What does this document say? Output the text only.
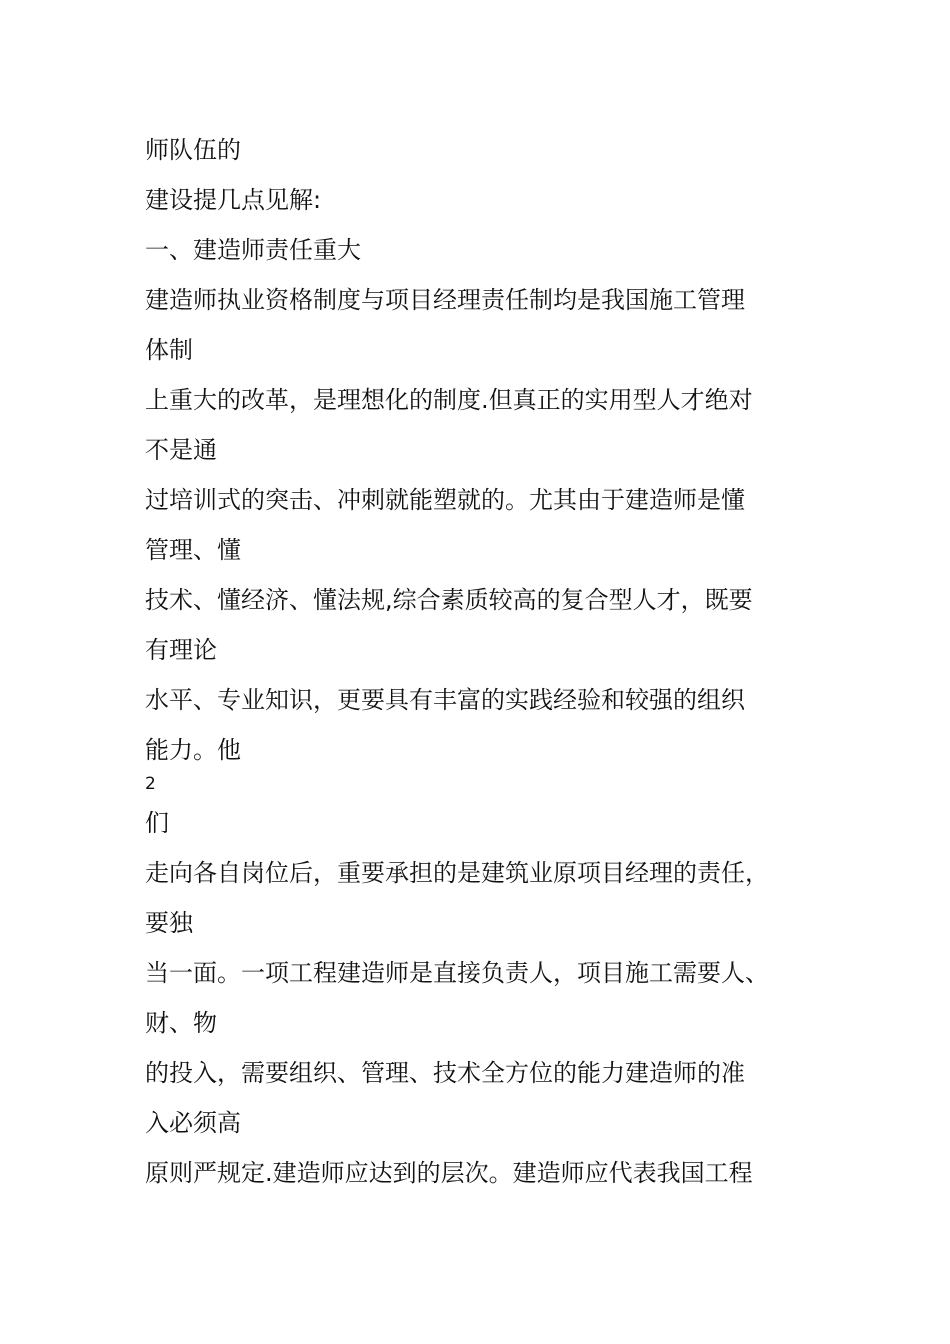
师队伍的
建设提几点见解:
一、建造师责任重大
建造师执业资格制度与项目经理责任制均是我国施工管理
体制
上重大的改革，是理想化的制度.但真正的实用型人才绝对
不是通
过培训式的突击、冲刺就能塑就的。尤其由于建造师是懂
管理、懂
技术、懂经济、懂法规,综合素质较高的复合型人才，既要
有理论
水平、专业知识，更要具有丰富的实践经验和较强的组织
能力。他
2
们
走向各自岗位后，重要承担的是建筑业原项目经理的责任，
要独
当一面。一项工程建造师是直接负责人，项目施工需要人、
财、物
的投入，需要组织、管理、技术全方位的能力建造师的准
入必须高
原则严规定.建造师应达到的层次。建造师应代表我国工程
